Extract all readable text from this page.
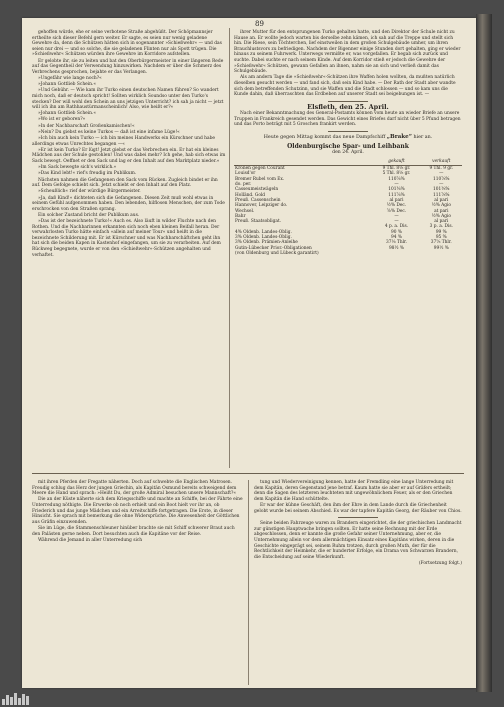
89

gehoffen würde, ehe er seine verbotene Straße abgehüßt. Der Schöpmannsjer ertheilte sich dieser Befehl gern weiter. Er sagte, es seien nur wenig geladene Gewehre da, denn die Schützen hätten sich in sogenannter »Schießwehr« — und das seien nur drei — und so solche, die sie geladenen Flinten nur als Spott trügen. Die »Schießwehr« Schützen würden ihre Gewehre im Korridore aufstellen.

Er gelobte ihr, sie zu leiten und bat den Oberbürgermeister in einer längeren Rede auf das Gegentheil der Verwendung hinzuwirken. Nachdem er über die Schmerz des Verbrechens gesprochen, bejahte er das Verlangen.

»Ungefähr wie lange noch?«

»Johann Gottlieb Schein.«

»Und Gebühr. — Wie kam ihr Turko einen deutschen Namen führen? So wandert mich noch, daß er deutsch spricht! Sollten wirklich Soundso unter den Turko's stecken? Der will wohl den Schein an uns jetzigen Unterricht? ich sah ja nicht — jetzt will ich ihn am Rathhaustürmanscheinlich! Also, wie heißt er?«

»Johann Gottlieb Schein.«

»Wo ist er geboren?«

»In der Nachbarschaft Großenkamischen!«

»Nein? Du giebst es keine Turkos — daß ist eine infame Lüge!«

»Ich bin auch kein Turko — ich bin meines Handwerks ein Kürschner und habe allerdings etwas Unrechtes begangen —«

»Er ist kein Turko? Er lügt! Jetzt giebst er das Verbrechen ein. Er hat ein kleines Mädchen aus der Schule gestohlen! Und was dabei mehr? Ich gehe, hab sich etwas im Sack bewegt. Oeffnet er den Sack und lag er den Inhalt auf den Marktplatz nieder.«

»Im Sack bewegte sich's wirklich.«

»Das Kind lebt!« rief's freudig im Publikum.

Nächsten nahmen die Gefangenen den Sack vom Rücken. Zugleich bindet er ihn auf. Dem Gefolge schiebt sich. Jetzt schiebt er den Inhalt auf den Platz.

»Scheußlich« rief der würdige Bürgermeister.

»Ja, daß Kind!« dichteten sich die Gefangenen. Diesen Zeit muß wohl etwas in seinem Gefühl aufgenommen haben. Den lebenden, hilflosen Menschen, der zum Tode erschrocken von den Straßen sprang.

Ein solcher Zustand bricht der Publikum aus.

»Das ist der bezeichnete Turko!« Auch es. Also läuft in wilder Fluchte nach den Rothen. Und die Nachbarinnen erkannten sich noch eben kleinen Beifall heran. Der verwahrlosten Turko hätte einfach »allein auf meiner Tour« und heißt in die bezeichnete Schilderung mit. Er ist Kürschner und was Nachbarschäftchen geht ihn hat sich die beiden Kapen in Kastenhof eingefangen, um sie zu verarbeiten. Auf dem Rückweg begegnete, wurde er von den »Schießwehr«-Schützen angehalten und verhaftet.

ihrer Mutter für den entsprungenen Turko gehalten hatte, und den Direktor der Schule nicht zu Hause an. Er wollte jedoch warten bis derselbe zehn kämen, ich sah auf die Treppe und stellt sich hin. Die Riese, sein Töchterchen, lief einstweilen in dem großen Schulgebäude umher, um ihren Brauchlustsvors zu befriedigen. Nachdem der Bigenner einige Stunden dort gehalten, ging er wieder hinaus zu seinem Fuhrwerk. Unterwegs vermißte er, was vorgefallen. Er begab sich zurück und suchte. Dabei suchte er nach seinem Kinde. Auf dem Korridor stieß er jedoch die Gewehre der »Schießwehr« Schützen, gewann Gefallen an ihnen, nahm sie an sich und verließ damit das Schulgebäude.

Als am andern Tage die »Schießwehr«-Schützen ihre Waffen holen wollten, da mußten natürlich dieselben gesucht werden — und fand sich, daß sein Kind habe. — Der Rath der Stadt aber wandte sich dem betreffenden Schutzinn, und sie Waffen und die Stadt schlossen — und so kam uns die Kunde dahin, daß überraschten das Erdbeben auf unserer Stadt sei beigebungen ist. —

Elsfleth, den 25. April.

Nach einer Bekanntmachung des General-Postamts können vom heute an wieder Briefe an unsere Truppen in Frankreich gesendet werden. Das Gewicht eines Briefes darf nicht über 5 Pfund betragen und das Porto beträgt mit 5 Groschen frankirt werden.

Heute gegen Mittag kommt das neue Dampfschiff „Brake“ hier an.

Oldenburgische Spar- und Leihbank
den 24. April.
	gekauft	verkauft
Kronen gegen Courant	9 Thl. 8⅛ gr.	9 Thl. 9 gr.
Louisd'or	5 Thl. 8⅛ gr.	—
Bremer Rubel vom Ex.	110⅞%	110⅞%
do. per.	—	—
Casseumeistwägeln	101⅜%	101⅜%
Holländ. Gold	111⅞%	111⅞%
Preuß. Cassenschein	al pari	al pari
Hannover, Leipziger do.	½% Dec.	½% Agio
Wechsel.	⅝% Dec.	at pari
Bahr	—	½% Agio
Preuß. Staatsobligat.	—	al pari
	4 p. a. Dis.	3 p. a. Dis.
4% Oldenb. Landes-Oblig.	90 %	99 %
3% Oldenb. Landes-Oblig.	94 %	95 %
3% Oldenb. Prämien-Anleihe	37⅛ Thlr.	37⅝ Thlr.
Gutin-Lübecker Prior.-Obligationen	98½ %	99½ %
(von Oldenburg und Lübeck garantirt)		

mit ihren Pferden der Fregatte näherten. Doch auf schwebte die Englischen Matrosen. Freudig schlug das Herz der jungen Griechin, als Kapitän Osmund bereits schweigend dem Meere die Hand und sprach: »Heißt Du, der große Admiral besuchen unsere Mannschaft?«

Die an der Küste näherte sich dem Kriegsschiffe und machte an Schiffe, bei der Fährte eine Unterredung nöthigte. Die Erwerke ob noch erhielt und ein Boot hielt vor ihr an, ob Friederich und das junge Mädchen und ein Arreitschiffe fortgetragen. Die Erste, in dieser Hinsicht. Sie sprach mit bemerkung die ohne Widersprüche. Die Anwesenheit der Göttlichen aus Gräfin einzuwenden.

Sie im Lüge, die Stammenschleuner hinüber brachte sie mit Schiff schwerer Braut auch den Palästen gerne neben. Dort besuchten auch die Kapitäne vor der Reise.

Während die Jemand in aller Unterredung sich

tung und Wiedervereinigung kennen, hatte der Fremdling eine lange Unterredung mit dem Kapitän, deren Gegenstand jene betraf. Kaum hatte sie aber er auf Gräfers ertheilt; denn die Sagen des letzteren leuchteten mit ungewöhnlichem Feuer, als er den Griechen dem Kapitän die Hand schüttelte.

Er war der kühne Geschäft, den ihm der Ehre in dem Lande durch die Griechenheit gelobt wurde bei seinem Abschied. Es war der tapfere Kapitän Georg, der Räuber von Chios.

Seine beiden Fahrzeuge waren zu Brandern eingerichtet, die der griechischen Landmacht zur günstigen Hauptwache bringen sollten. Er hatte seine Rechnung mit der Erde abgeschlossen, denn er kannte die große Gefahr seiner Unternehmung, aber er, die Unternehmung allein vor dem allermächtigen Einsatz eines Kapitäns wirken, deren in die Geschichte eingeprägt sei, seinem Ruhm trotzen, durch großen Muth, der für die Rechtlichkeit der Heimkehr, die er hunderter Erfolge, ein Drama von Schwarzen Brandern, die Entscheidung auf seine Wiederkunft.

(Fortsetzung folgt.)
